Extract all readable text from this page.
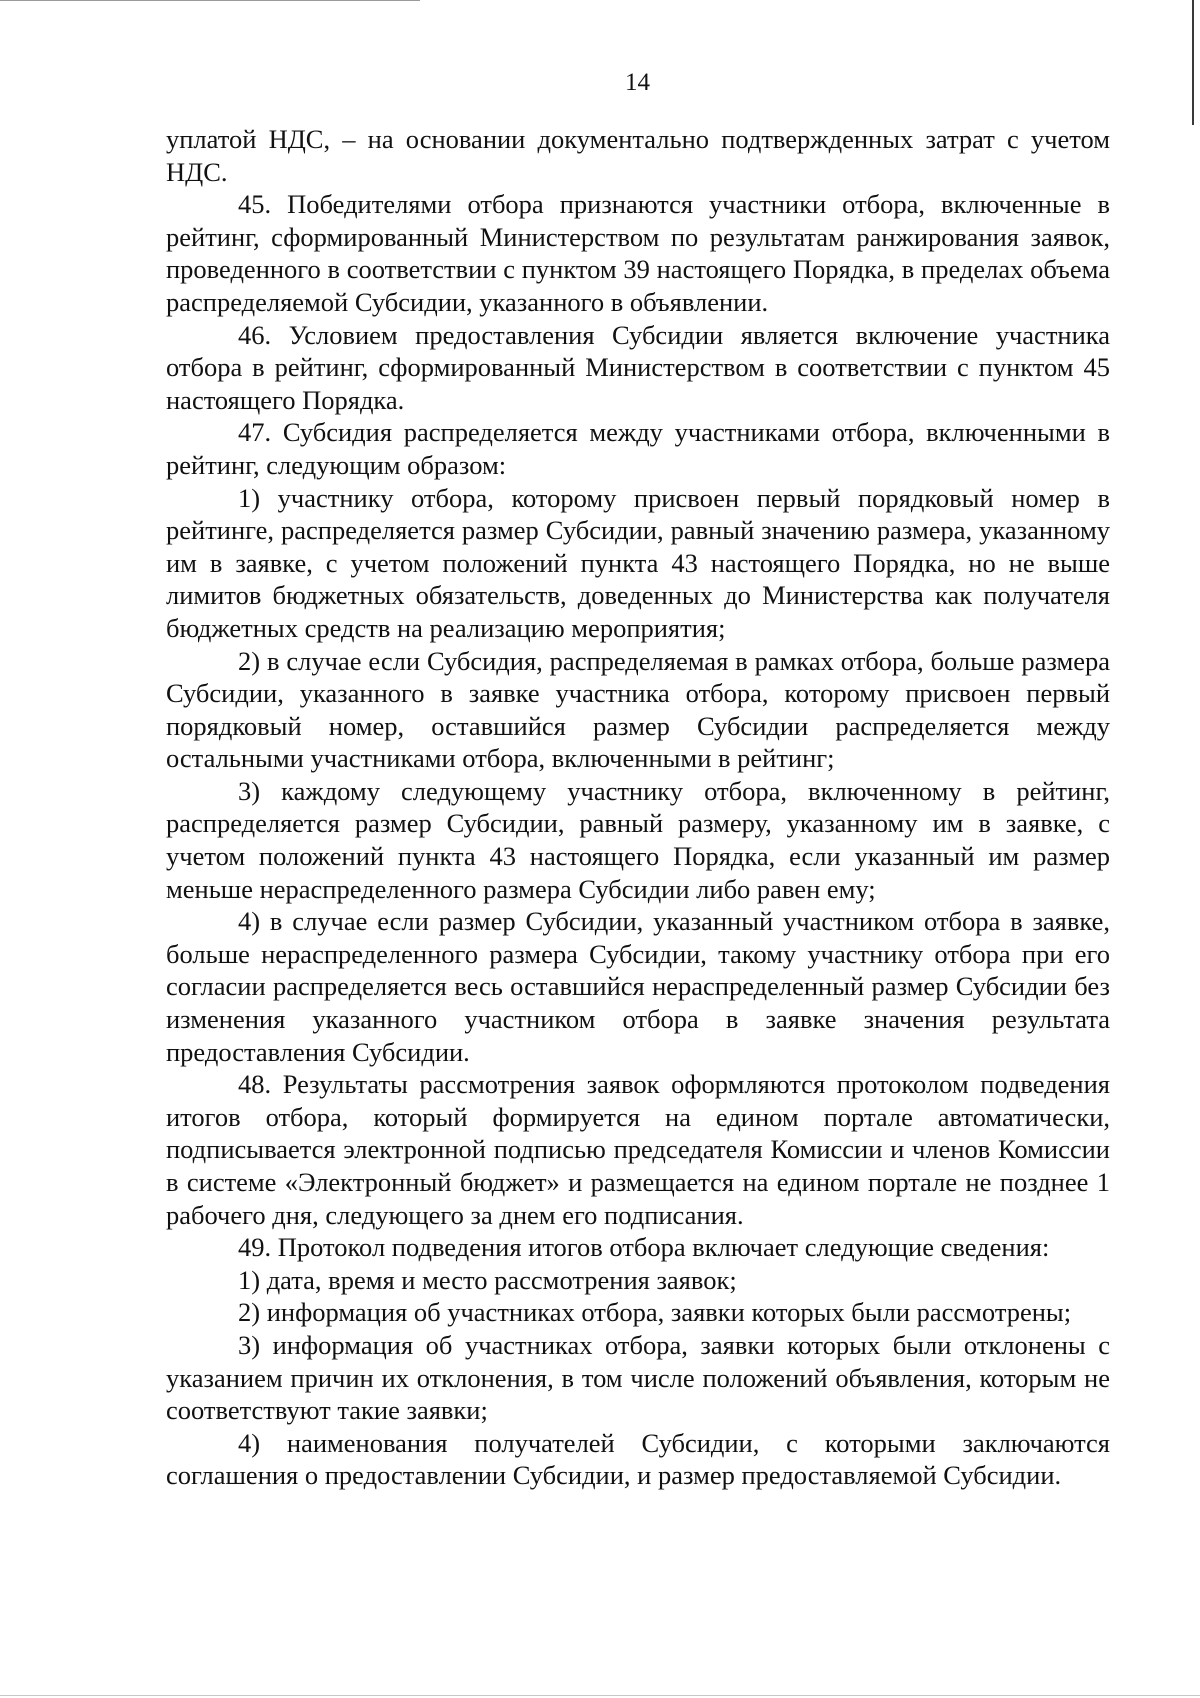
14

уплатой НДС, – на основании документально подтвержденных затрат с учетом НДС.

45. Победителями отбора признаются участники отбора, включенные в рейтинг, сформированный Министерством по результатам ранжирования заявок, проведенного в соответствии с пунктом 39 настоящего Порядка, в пределах объема распределяемой Субсидии, указанного в объявлении.

46. Условием предоставления Субсидии является включение участника отбора в рейтинг, сформированный Министерством в соответствии с пунктом 45 настоящего Порядка.

47. Субсидия распределяется между участниками отбора, включенными в рейтинг, следующим образом:

1) участнику отбора, которому присвоен первый порядковый номер в рейтинге, распределяется размер Субсидии, равный значению размера, указанному им в заявке, с учетом положений пункта 43 настоящего Порядка, но не выше лимитов бюджетных обязательств, доведенных до Министерства как получателя бюджетных средств на реализацию мероприятия;

2) в случае если Субсидия, распределяемая в рамках отбора, больше размера Субсидии, указанного в заявке участника отбора, которому присвоен первый порядковый номер, оставшийся размер Субсидии распределяется между остальными участниками отбора, включенными в рейтинг;

3) каждому следующему участнику отбора, включенному в рейтинг, распределяется размер Субсидии, равный размеру, указанному им в заявке, с учетом положений пункта 43 настоящего Порядка, если указанный им размер меньше нераспределенного размера Субсидии либо равен ему;

4) в случае если размер Субсидии, указанный участником отбора в заявке, больше нераспределенного размера Субсидии, такому участнику отбора при его согласии распределяется весь оставшийся нераспределенный размер Субсидии без изменения указанного участником отбора в заявке значения результата предоставления Субсидии.

48. Результаты рассмотрения заявок оформляются протоколом подведения итогов отбора, который формируется на едином портале автоматически, подписывается электронной подписью председателя Комиссии и членов Комиссии в системе «Электронный бюджет» и размещается на едином портале не позднее 1 рабочего дня, следующего за днем его подписания.

49. Протокол подведения итогов отбора включает следующие сведения:

1) дата, время и место рассмотрения заявок;

2) информация об участниках отбора, заявки которых были рассмотрены;

3) информация об участниках отбора, заявки которых были отклонены с указанием причин их отклонения, в том числе положений объявления, которым не соответствуют такие заявки;

4) наименования получателей Субсидии, с которыми заключаются соглашения о предоставлении Субсидии, и размер предоставляемой Субсидии.
